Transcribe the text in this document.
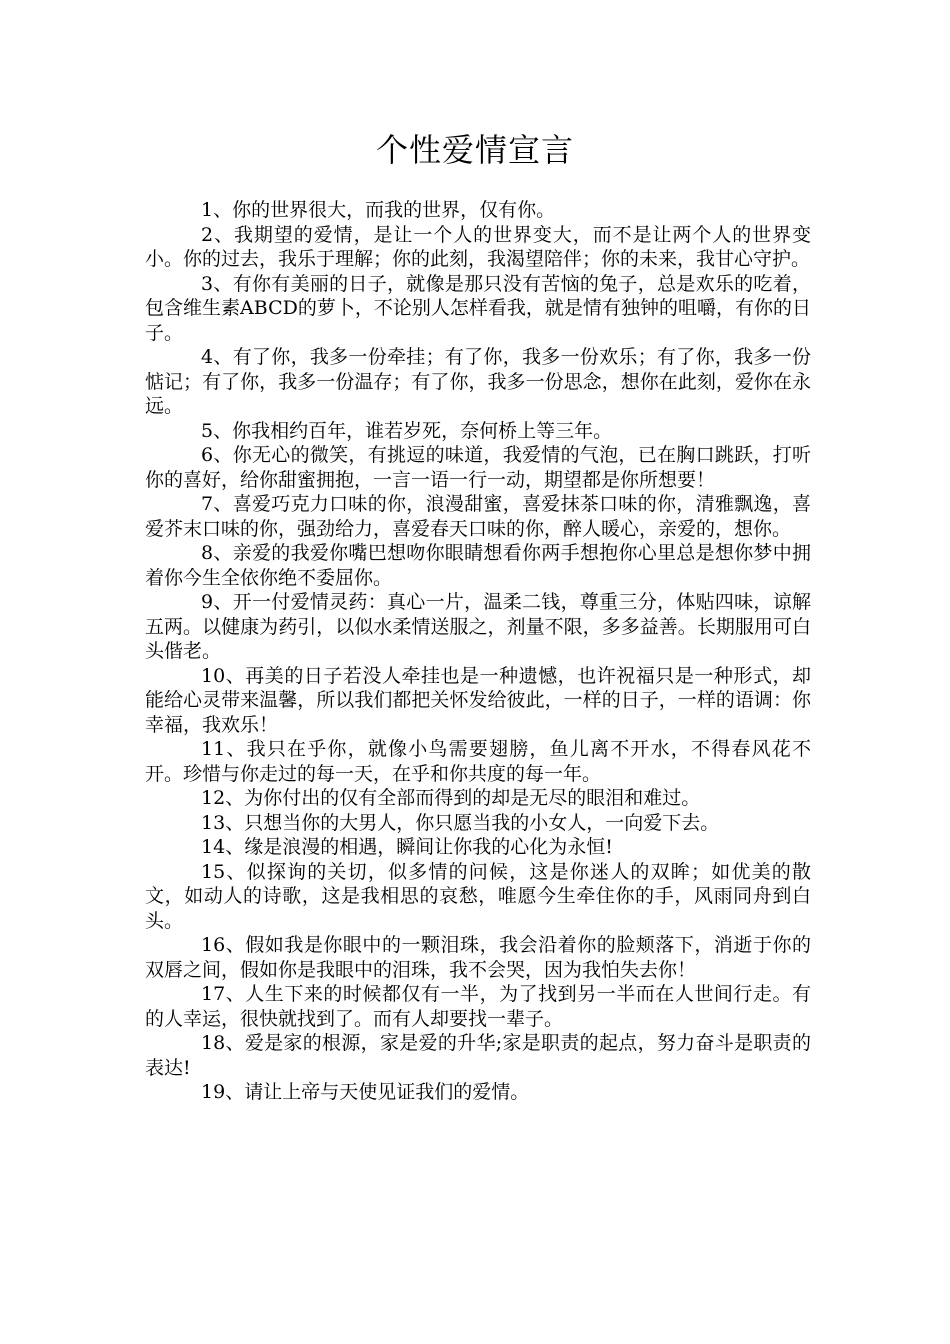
个性爱情宣言
1、你的世界很大，而我的世界，仅有你。
2、我期望的爱情，是让一个人的世界变大，而不是让两个人的世界变小。你的过去，我乐于理解；你的此刻，我渴望陪伴；你的未来，我甘心守护。
3、有你有美丽的日子，就像是那只没有苦恼的兔子，总是欢乐的吃着，包含维生素ABCD的萝卜，不论别人怎样看我，就是情有独钟的咀嚼，有你的日子。
4、有了你，我多一份牵挂；有了你，我多一份欢乐；有了你，我多一份惦记；有了你，我多一份温存；有了你，我多一份思念，想你在此刻，爱你在永远。
5、你我相约百年，谁若岁死，奈何桥上等三年。
6、你无心的微笑，有挑逗的味道，我爱情的气泡，已在胸口跳跃，打听你的喜好，给你甜蜜拥抱，一言一语一行一动，期望都是你所想要！
7、喜爱巧克力口味的你，浪漫甜蜜，喜爱抹茶口味的你，清雅飘逸，喜爱芥末口味的你，强劲给力，喜爱春天口味的你，醉人暖心，亲爱的，想你。
8、亲爱的我爱你嘴巴想吻你眼睛想看你两手想抱你心里总是想你梦中拥着你今生全依你绝不委屈你。
9、开一付爱情灵药：真心一片，温柔二钱，尊重三分，体贴四味，谅解五两。以健康为药引，以似水柔情送服之，剂量不限，多多益善。长期服用可白头偕老。
10、再美的日子若没人牵挂也是一种遗憾，也许祝福只是一种形式，却能给心灵带来温馨，所以我们都把关怀发给彼此，一样的日子，一样的语调：你幸福，我欢乐！
11、我只在乎你，就像小鸟需要翅膀，鱼儿离不开水，不得春风花不开。珍惜与你走过的每一天，在乎和你共度的每一年。
12、为你付出的仅有全部而得到的却是无尽的眼泪和难过。
13、只想当你的大男人，你只愿当我的小女人，一向爱下去。
14、缘是浪漫的相遇，瞬间让你我的心化为永恒!
15、似探询的关切，似多情的问候，这是你迷人的双眸；如优美的散文，如动人的诗歌，这是我相思的哀愁，唯愿今生牵住你的手，风雨同舟到白头。
16、假如我是你眼中的一颗泪珠，我会沿着你的脸颊落下，消逝于你的双唇之间，假如你是我眼中的泪珠，我不会哭，因为我怕失去你！
17、人生下来的时候都仅有一半，为了找到另一半而在人世间行走。有的人幸运，很快就找到了。而有人却要找一辈子。
18、爱是家的根源，家是爱的升华;家是职责的起点，努力奋斗是职责的表达!
19、请让上帝与天使见证我们的爱情。
